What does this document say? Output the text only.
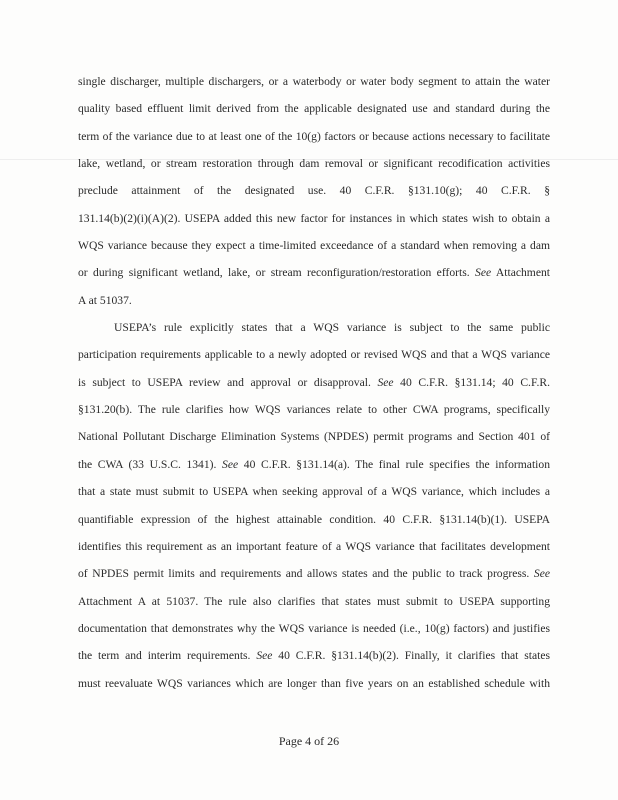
single discharger, multiple dischargers, or a waterbody or water body segment to attain the water
quality based effluent limit derived from the applicable designated use and standard during the
term of the variance due to at least one of the 10(g) factors or because actions necessary to facilitate
lake, wetland, or stream restoration through dam removal or significant recodification activities
preclude attainment of the designated use. 40 C.F.R. §131.10(g); 40 C.F.R. §
131.14(b)(2)(i)(A)(2). USEPA added this new factor for instances in which states wish to obtain a
WQS variance because they expect a time-limited exceedance of a standard when removing a dam
or during significant wetland, lake, or stream reconfiguration/restoration efforts. See Attachment
A at 51037.
USEPA’s rule explicitly states that a WQS variance is subject to the same public
participation requirements applicable to a newly adopted or revised WQS and that a WQS variance
is subject to USEPA review and approval or disapproval. See 40 C.F.R. §131.14; 40 C.F.R.
§131.20(b). The rule clarifies how WQS variances relate to other CWA programs, specifically
National Pollutant Discharge Elimination Systems (NPDES) permit programs and Section 401 of
the CWA (33 U.S.C. 1341). See 40 C.F.R. §131.14(a). The final rule specifies the information
that a state must submit to USEPA when seeking approval of a WQS variance, which includes a
quantifiable expression of the highest attainable condition. 40 C.F.R. §131.14(b)(1). USEPA
identifies this requirement as an important feature of a WQS variance that facilitates development
of NPDES permit limits and requirements and allows states and the public to track progress. See
Attachment A at 51037. The rule also clarifies that states must submit to USEPA supporting
documentation that demonstrates why the WQS variance is needed (i.e., 10(g) factors) and justifies
the term and interim requirements. See 40 C.F.R. §131.14(b)(2). Finally, it clarifies that states
must reevaluate WQS variances which are longer than five years on an established schedule with
Page 4 of 26
